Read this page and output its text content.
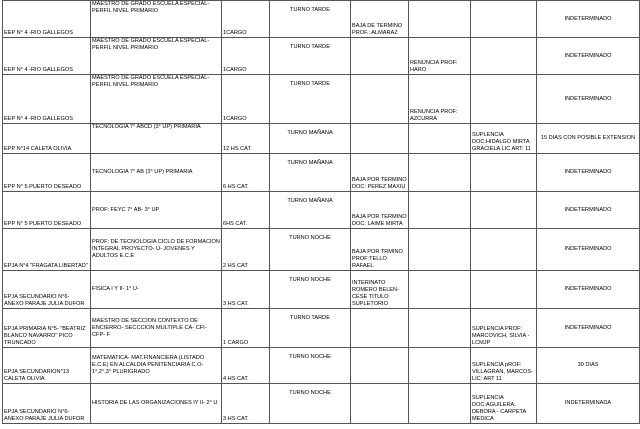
EEP N° 4 -RIO GALLEGOS	MAESTRO DE GRADO ESCUELA ESPECIAL- PERFIL NIVEL PRIMARIO	1CARGO	TURNO TARDE	BAJA DE TERMINO PROF.: ALMARAZ			INDETERMINADO

EEP N° 4 -RIO GALLEGOS	MAESTRO DE GRADO ESCUELA ESPECIAL- PERFIL NIVEL PRIMARIO	1CARGO	TURNO TARDE		RENUNCIA PROF: HARO		INDETERMINADO

EEP N° 4 -RIO GALLEGOS	MAESTRO DE GRADO ESCUELA ESPECIAL- PERFIL NIVEL PRIMARIO	1CARGO	TURNO TARDE		RENUNCIA PROF: AZCURRA		INDETERMINADO

EPP N°14 CALETA OLIVIA	TECNOLOGIA 7° ABCD (3° UP) PRIMARIA	12 HS CAT	TURNO MAÑANA			SUPLENCIA DOC:HIDALGO MIRTA GRACIELA LIC ART: 11	15 DIAS CON POSIBLE EXTENSION

EPP N° 5 PUERTO DESEADO	TECNOLOGIA 7° AB (3° UP) PRIMARIA	6 HS CAT.	TURNO MAÑANA	BAJA POR TERMINO DOC: PEREZ MAXIU			INDETERMINADO

EPP N° 5 PUERTO DESEADO	PROF: FEYC 7° AB- 3° UP	6HS CAT.	TURNO MAÑANA	BAJA POR TERMINO DOC: LAIME MIRTA			INDETERMINADO

EPJA N°4 "FRAGATA LIBERTAD"	PROF: DE TECNOLOGIA CICLO DE FORMACION INTEGRAL PROYECTO- U- JOVENES Y ADULTOS E.C.E	2 HS CAT	TURNO NOCHE	BAJA POR TRMINO PROF:TELLO RAFAEL			INDETERMINADO

EPJA SECUNDARIO N°6- ANEXO PARAJE JULIA DUFOR	FISICA I Y II- 1° U-	3 HS CAT.	TURNO NOCHE	INTERINATO ROMERO BELEN- CESE TITULO SUPLETORIO			INDETERMINADO

EPJA PRIMARIA N°5- "BEATRIZ BLANCO NAVARRO" PICO TRUNCADO	MAESTRO DE SECCION CONTEXTO DE ENCIERRO- SECCCION MULTIPLE CA- CFI- CFP- F	1 CARGO	TURNO TARDE			SUPLENCIA PROF: MARCOVICH, SILVIA - LCMJP	INDETERMINADO

EPJA SECUNDARION°13 CALETA OLIVIA	MATEMATICA- MAT.FINANCIERA (LISTADO E.C.E) EN ALCALDIA PENITENCIARIA C.O-1°,2°,3° PLURIGRADO	4 HS CAT.	TURNO NOCHE			SUPLENCIA pROF: VILLAGRAN, MARCOS- LIC: ART 11	30 DIAS

EPJA SECUNDARIO N°6- ANEXO PARAJE JULIA DUFOR	HISTORIA DE LAS ORGANIZACIONES IY II- 2° U	3 HS CAT.	TURNO NOCHE			SUPLENCIA DOC:AGUILERA, DEBORA - CARPETA MEDICA	INDETERMINADA
